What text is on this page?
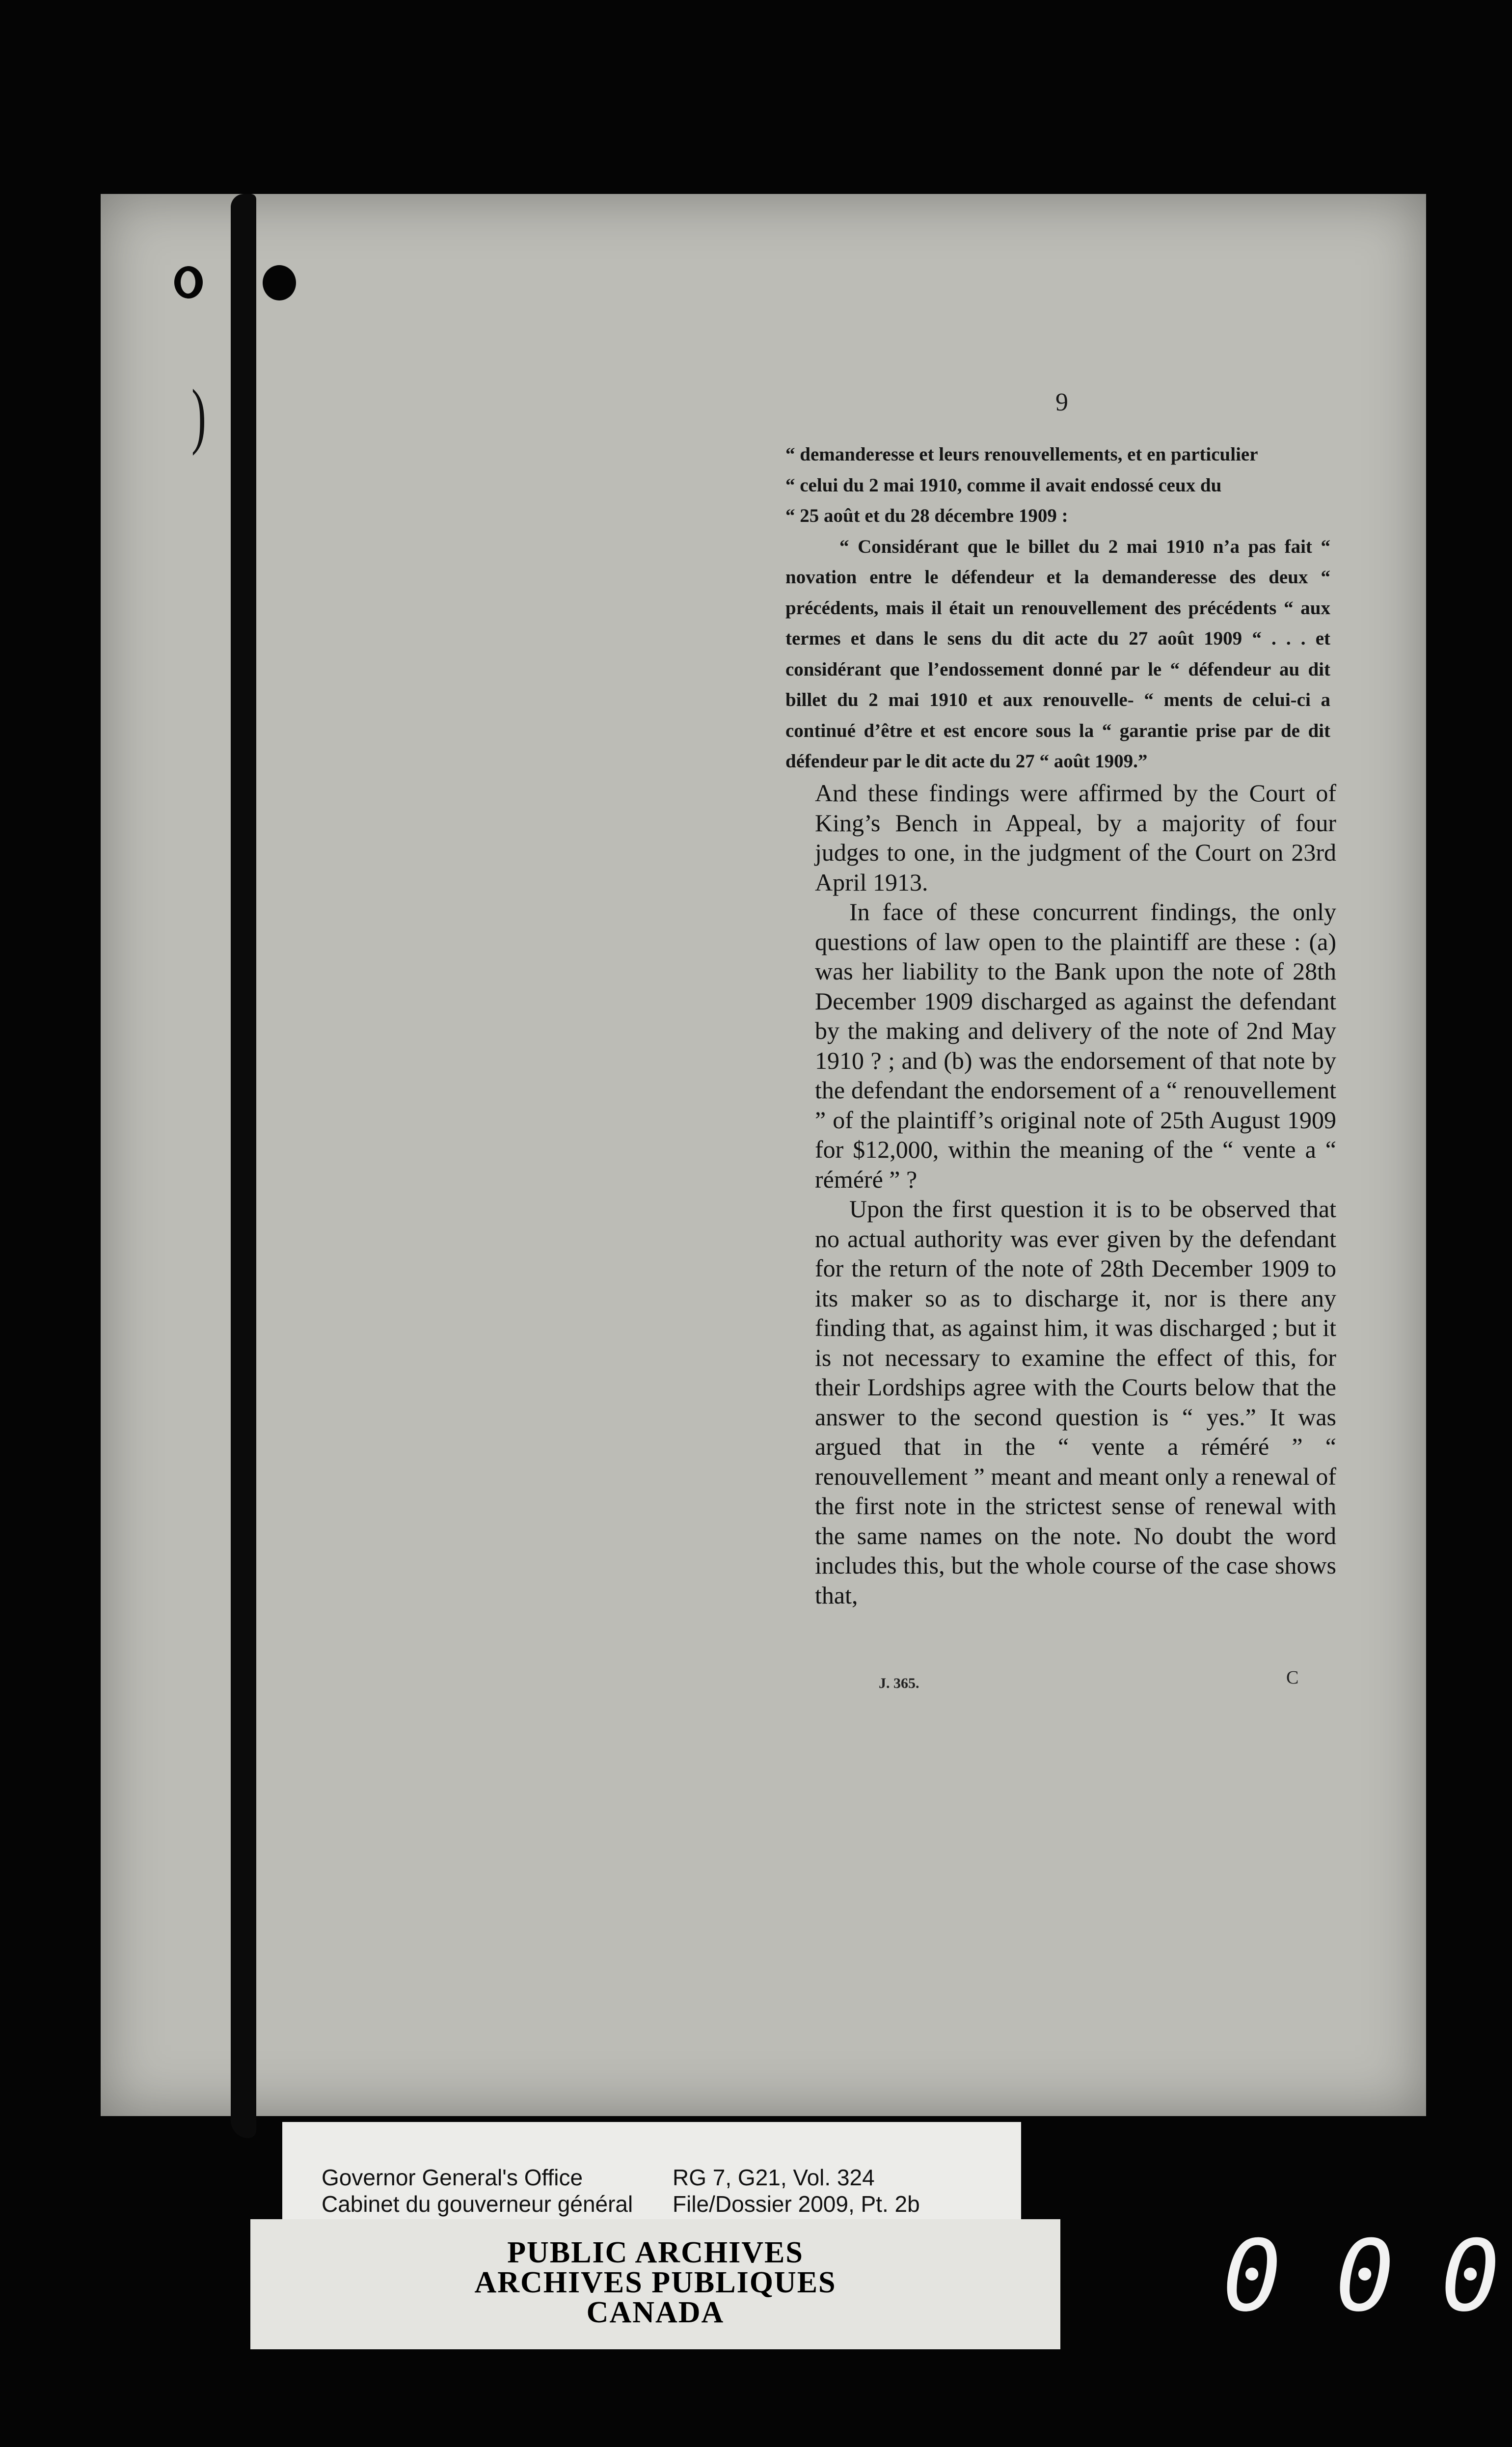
)	9

“ demanderesse et leurs renouvellements, et en particulier

“ celui du 2 mai 1910, comme il avait endossé ceux du

“ 25 août et du 28 décembre 1909 :

“ Considérant que le billet du 2 mai 1910 n’a pas fait “ novation entre le défendeur et la demanderesse des deux “ précédents, mais il était un renouvellement des précédents “ aux termes et dans le sens du dit acte du 27 août 1909 “ . . . et considérant que l’endossement donné par le “ défendeur au dit billet du 2 mai 1910 et aux renouvelle- “ ments de celui-ci a continué d’être et est encore sous la “ garantie prise par de dit défendeur par le dit acte du 27 “ août 1909.”

And these findings were affirmed by the Court of King’s Bench in Appeal, by a majority of four judges to one, in the judgment of the Court on 23rd April 1913.

In face of these concurrent findings, the only questions of law open to the plaintiff are these : (a) was her liability to the Bank upon the note of 28th December 1909 discharged as against the defendant by the making and delivery of the note of 2nd May 1910 ? ; and (b) was the endorsement of that note by the defendant the endorsement of a “ renouvellement ” of the plaintiff’s original note of 25th August 1909 for $12,000, within the meaning of the “ vente a “ réméré ” ?

Upon the first question it is to be observed that no actual authority was ever given by the defendant for the return of the note of 28th December 1909 to its maker so as to discharge it, nor is there any finding that, as against him, it was discharged ; but it is not necessary to examine the effect of this, for their Lordships agree with the Courts below that the answer to the second question is “ yes.” It was argued that in the “ vente a réméré ” “ renouvellement ” meant and meant only a renewal of the first note in the strictest sense of renewal with the same names on the note. No doubt the word includes this, but the whole course of the case shows that,

J. 365.	C
Governor General's Office
Cabinet du gouverneur général
RG 7, G21, Vol. 324
File/Dossier 2009, Pt. 2b
PUBLIC ARCHIVES
ARCHIVES PUBLIQUES
CANADA	0 0 0
